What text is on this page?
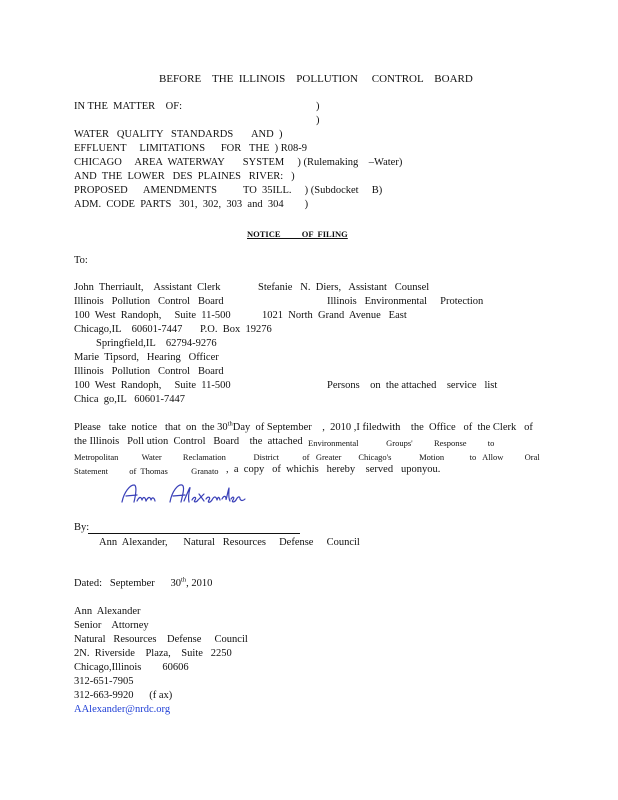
BEFORE    THE  ILLINOIS    POLLUTION     CONTROL    BOARD
IN THE  MATTER    OF:	)
)
WATER   QUALITY   STANDARDS       AND  )
EFFLUENT     LIMITATIONS      FOR   THE  ) R08-9
CHICAGO     AREA  WATERWAY       SYSTEM     ) (Rulemaking    –Water)
AND  THE  LOWER   DES  PLAINES   RIVER:   )
PROPOSED      AMENDMENTS          TO  35ILL.     ) (Subdocket     B)
ADM.  CODE  PARTS   301,  302,  303  and  304        )
NOTICE          OF  FILING
To:
John  Therriault,    Assistant  Clerk	Stefanie   N.  Diers,   Assistant   Counsel
Illinois   Pollution   Control   Board	Illinois   Environmental     Protection
100  West  Randoph,     Suite  11-500	1021  North  Grand  Avenue   East
Chicago,IL    60601-7447 P.O.  Box  19276
Springfield,IL    62794-9276
Marie  Tipsord,   Hearing   Officer
Illinois   Pollution   Control   Board
100  West  Randoph,     Suite  11-500	Persons    on  the attached    service   list
Chica  go,IL   60601-7447
Please   take  notice   that  on  the 30thDay  of September    ,  2010 ,I filedwith    the  Office   of  the Clerk   of
the Illinois   Poll ution  Control   Board    the  attached Environmental             Groups'          Response          to
Metropolitan           Water          Reclamation             District           of   Greater        Chicago's             Motion            to   Allow          Oral
Statement          of  Thomas           Granato ,  a  copy   of  whichis   hereby    served   uponyou.
By:
Ann  Alexander,      Natural   Resources     Defense     Council
Dated:   September      30th, 2010
Ann  Alexander
Senior    Attorney
Natural   Resources    Defense     Council
2N.  Riverside    Plaza,    Suite   2250
Chicago,Illinois        60606
312-651-7905
312-663-9920      (f ax)
AAlexander@nrdc.org
